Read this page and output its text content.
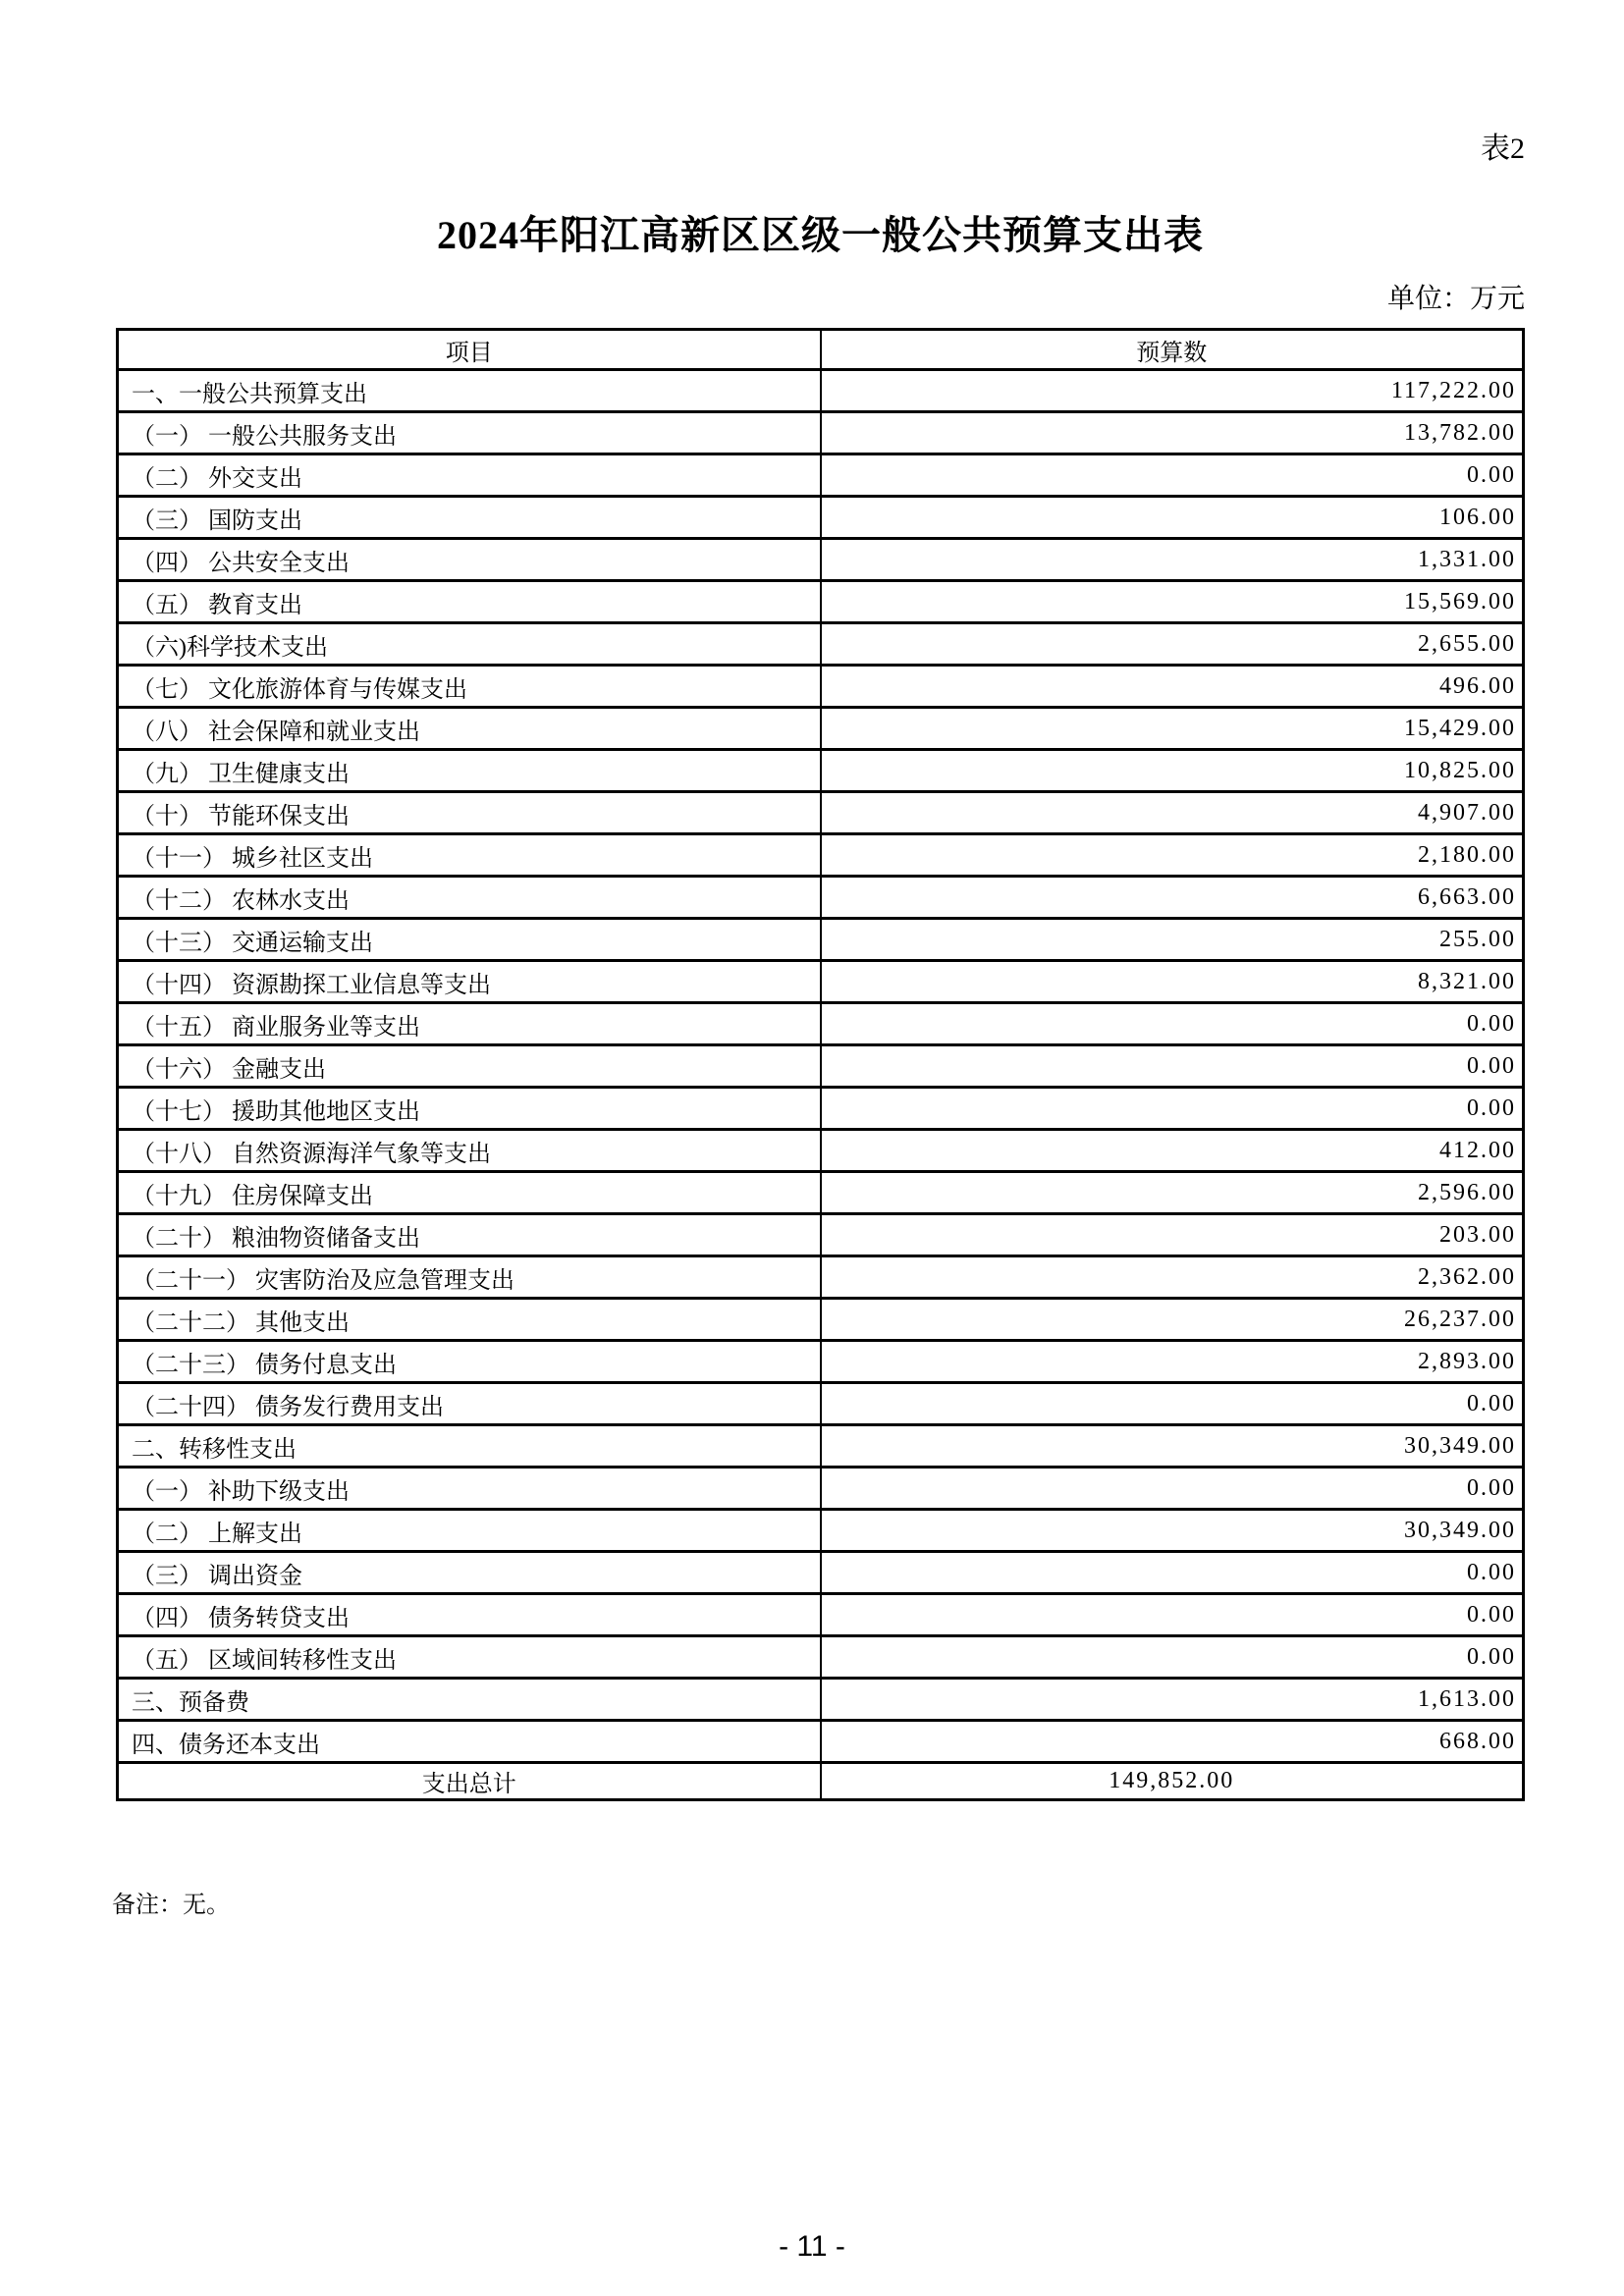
表2
2024年阳江高新区区级一般公共预算支出表
单位：万元
项目	预算数
一、一般公共预算支出	117,222.00
（一） 一般公共服务支出	13,782.00
（二） 外交支出	0.00
（三） 国防支出	106.00
（四） 公共安全支出	1,331.00
（五） 教育支出	15,569.00
（六)科学技术支出	2,655.00
（七） 文化旅游体育与传媒支出	496.00
（八） 社会保障和就业支出	15,429.00
（九） 卫生健康支出	10,825.00
（十） 节能环保支出	4,907.00
（十一） 城乡社区支出	2,180.00
（十二） 农林水支出	6,663.00
（十三） 交通运输支出	255.00
（十四） 资源勘探工业信息等支出	8,321.00
（十五） 商业服务业等支出	0.00
（十六） 金融支出	0.00
（十七） 援助其他地区支出	0.00
（十八） 自然资源海洋气象等支出	412.00
（十九） 住房保障支出	2,596.00
（二十） 粮油物资储备支出	203.00
（二十一） 灾害防治及应急管理支出	2,362.00
（二十二） 其他支出	26,237.00
（二十三） 债务付息支出	2,893.00
（二十四） 债务发行费用支出	0.00
二、转移性支出	30,349.00
（一） 补助下级支出	0.00
（二） 上解支出	30,349.00
（三） 调出资金	0.00
（四） 债务转贷支出	0.00
（五） 区域间转移性支出	0.00
三、预备费	1,613.00
四、债务还本支出	668.00
支出总计	149,852.00
备注：无。
- 11 -
